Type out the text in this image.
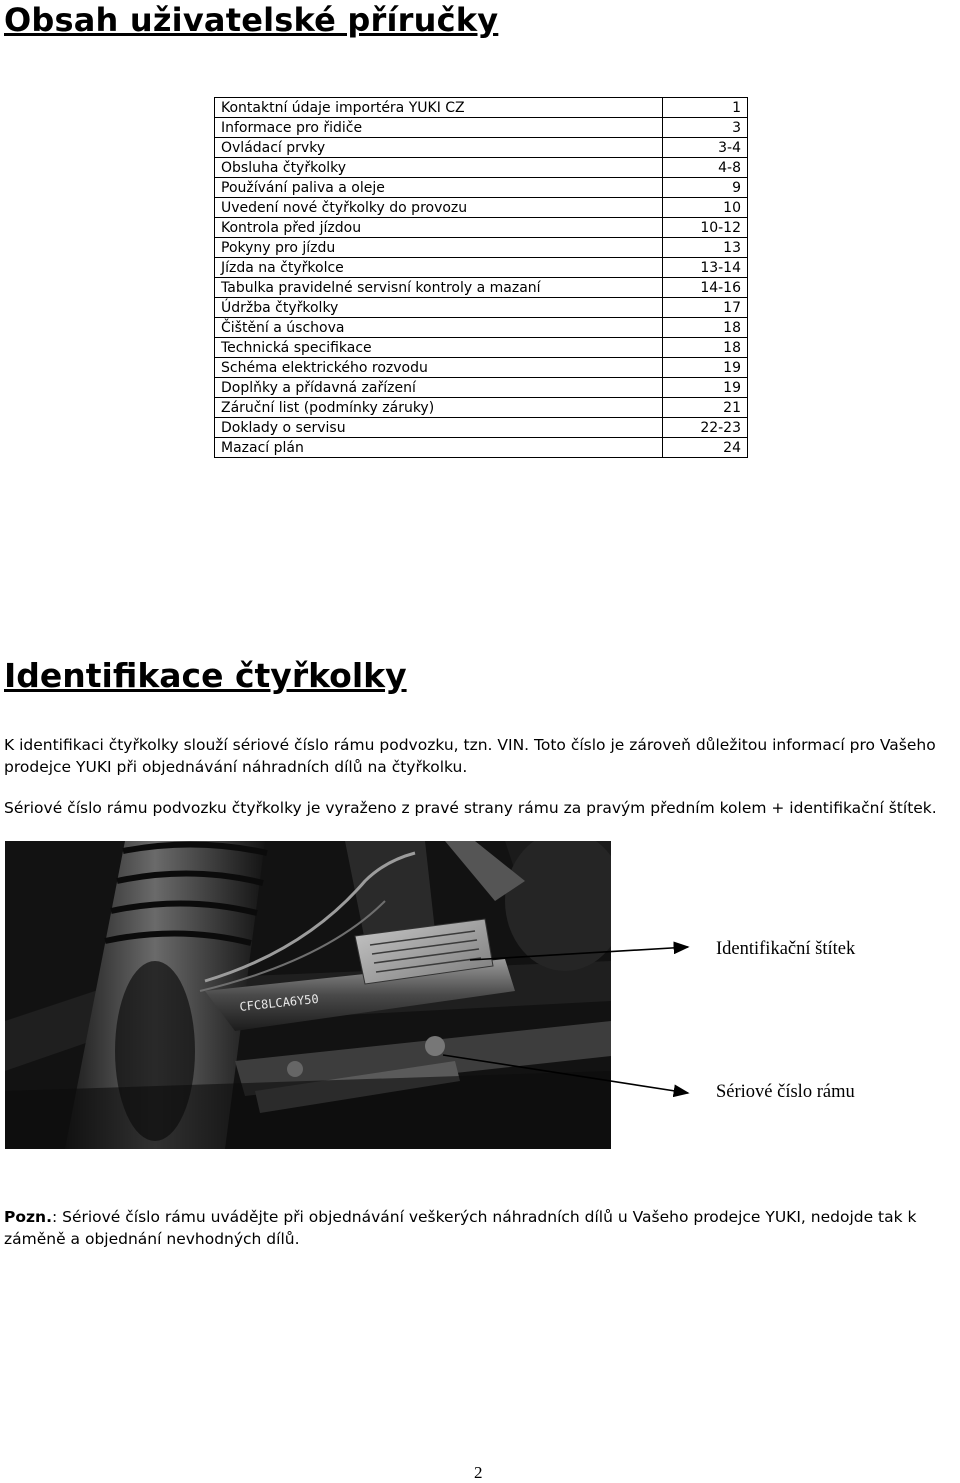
Obsah uživatelské příručky
Kontaktní údaje importéra YUKI CZ	1
Informace pro řidiče	3
Ovládací prvky	3-4
Obsluha čtyřkolky	4-8
Používání paliva a oleje	9
Uvedení nové čtyřkolky do provozu	10
Kontrola před jízdou	10-12
Pokyny pro jízdu	13
Jízda na čtyřkolce	13-14
Tabulka pravidelné servisní kontroly a mazaní	14-16
Údržba čtyřkolky	17
Čištění a úschova	18
Technická specifikace	18
Schéma elektrického rozvodu	19
Doplňky a přídavná zařízení	19
Záruční list (podmínky záruky)	21
Doklady o servisu	22-23
Mazací plán	24
Identifikace čtyřkolky

K identifikaci čtyřkolky slouží sériové číslo rámu podvozku, tzn. VIN. Toto číslo je zároveň důležitou informací pro Vašeho prodejce YUKI při objednávání náhradních dílů na čtyřkolku.

Sériové číslo rámu podvozku čtyřkolky je vyraženo z pravé strany rámu za pravým předním kolem + identifikační štítek.

CFC8LCA6Y50
Identifikační štítek
Sériové číslo rámu

Pozn.: Sériové číslo rámu uvádějte při objednávání veškerých náhradních dílů u Vašeho prodejce YUKI, nedojde tak k záměně a objednání nevhodných dílů.

2
